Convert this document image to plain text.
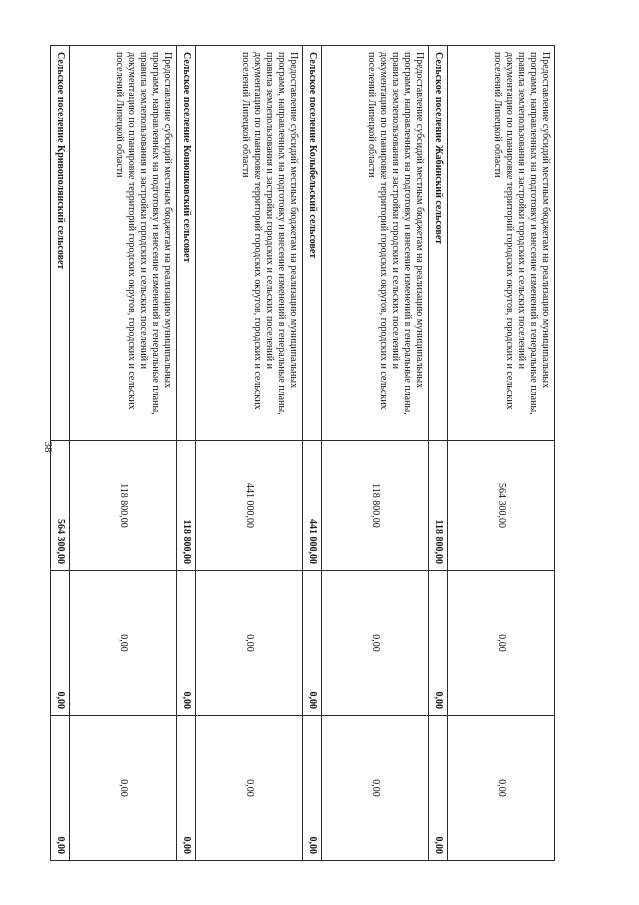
38
Предоставление субсидий местным бюджетам на реализацию муниципальных программ, направленных на подготовку и внесение изменений в генеральные планы, правила землепользования и застройки городских и сельских поселений и документацию по планировке территорий городских округов, городских и сельских поселений Липецкой области	564 300,00	0,00	0,00
Сельское поселение Жабинский сельсовет	118 800,00	0,00	0,00
Предоставление субсидий местным бюджетам на реализацию муниципальных программ, направленных на подготовку и внесение изменений в генеральные планы, правила землепользования и застройки городских и сельских поселений и документацию по планировке территорий городских округов, городских и сельских поселений Липецкой области	118 800,00	0,00	0,00
Сельское поселение Колыбельский сельсовет	441 000,00	0,00	0,00
Предоставление субсидий местным бюджетам на реализацию муниципальных программ, направленных на подготовку и внесение изменений в генеральные планы, правила землепользования и застройки городских и сельских поселений и документацию по планировке территорий городских округов, городских и сельских поселений Липецкой области	441 000,00	0,00	0,00
Сельское поселение Конюшковский сельсовет	118 800,00	0,00	0,00
Предоставление субсидий местным бюджетам на реализацию муниципальных программ, направленных на подготовку и внесение изменений в генеральные планы, правила землепользования и застройки городских и сельских поселений и документацию по планировке территорий городских округов, городских и сельских поселений Липецкой области	118 800,00	0,00	0,00
Сельское поселение Кривополянский сельсовет	564 300,00	0,00	0,00
